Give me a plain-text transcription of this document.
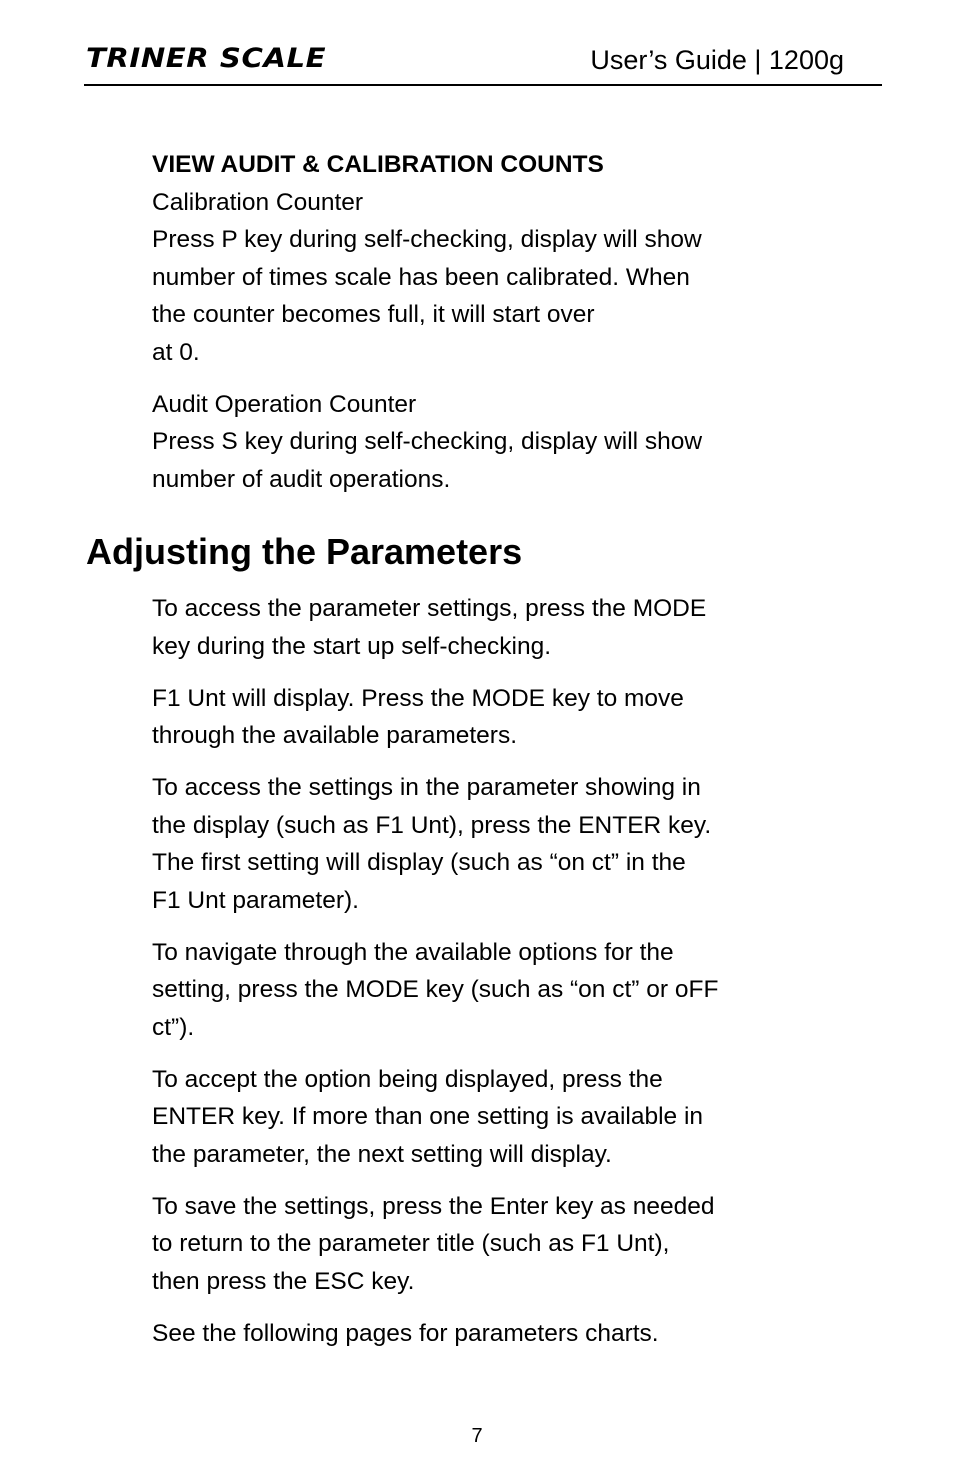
TRINER SCALE	User’s Guide | 1200g

VIEW AUDIT & CALIBRATION COUNTS
Calibration Counter
Press P key during self-checking, display will show
number of times scale has been calibrated. When
the counter becomes full, it will start over
at 0.

Audit Operation Counter
Press S key during self-checking, display will show
number of audit operations.

Adjusting the Parameters

To access the parameter settings, press the MODE
key during the start up self-checking.

F1 Unt will display. Press the MODE key to move
through the available parameters.

To access the settings in the parameter showing in
the display (such as F1 Unt), press the ENTER key.
The first setting will display (such as “on ct” in the
F1 Unt parameter).

To navigate through the available options for the
setting, press the MODE key (such as “on ct” or oFF
ct”).

To accept the option being displayed, press the
ENTER key. If more than one setting is available in
the parameter, the next setting will display.

To save the settings, press the Enter key as needed
to return to the parameter title (such as F1 Unt),
then press the ESC key.

See the following pages for parameters charts.

7
